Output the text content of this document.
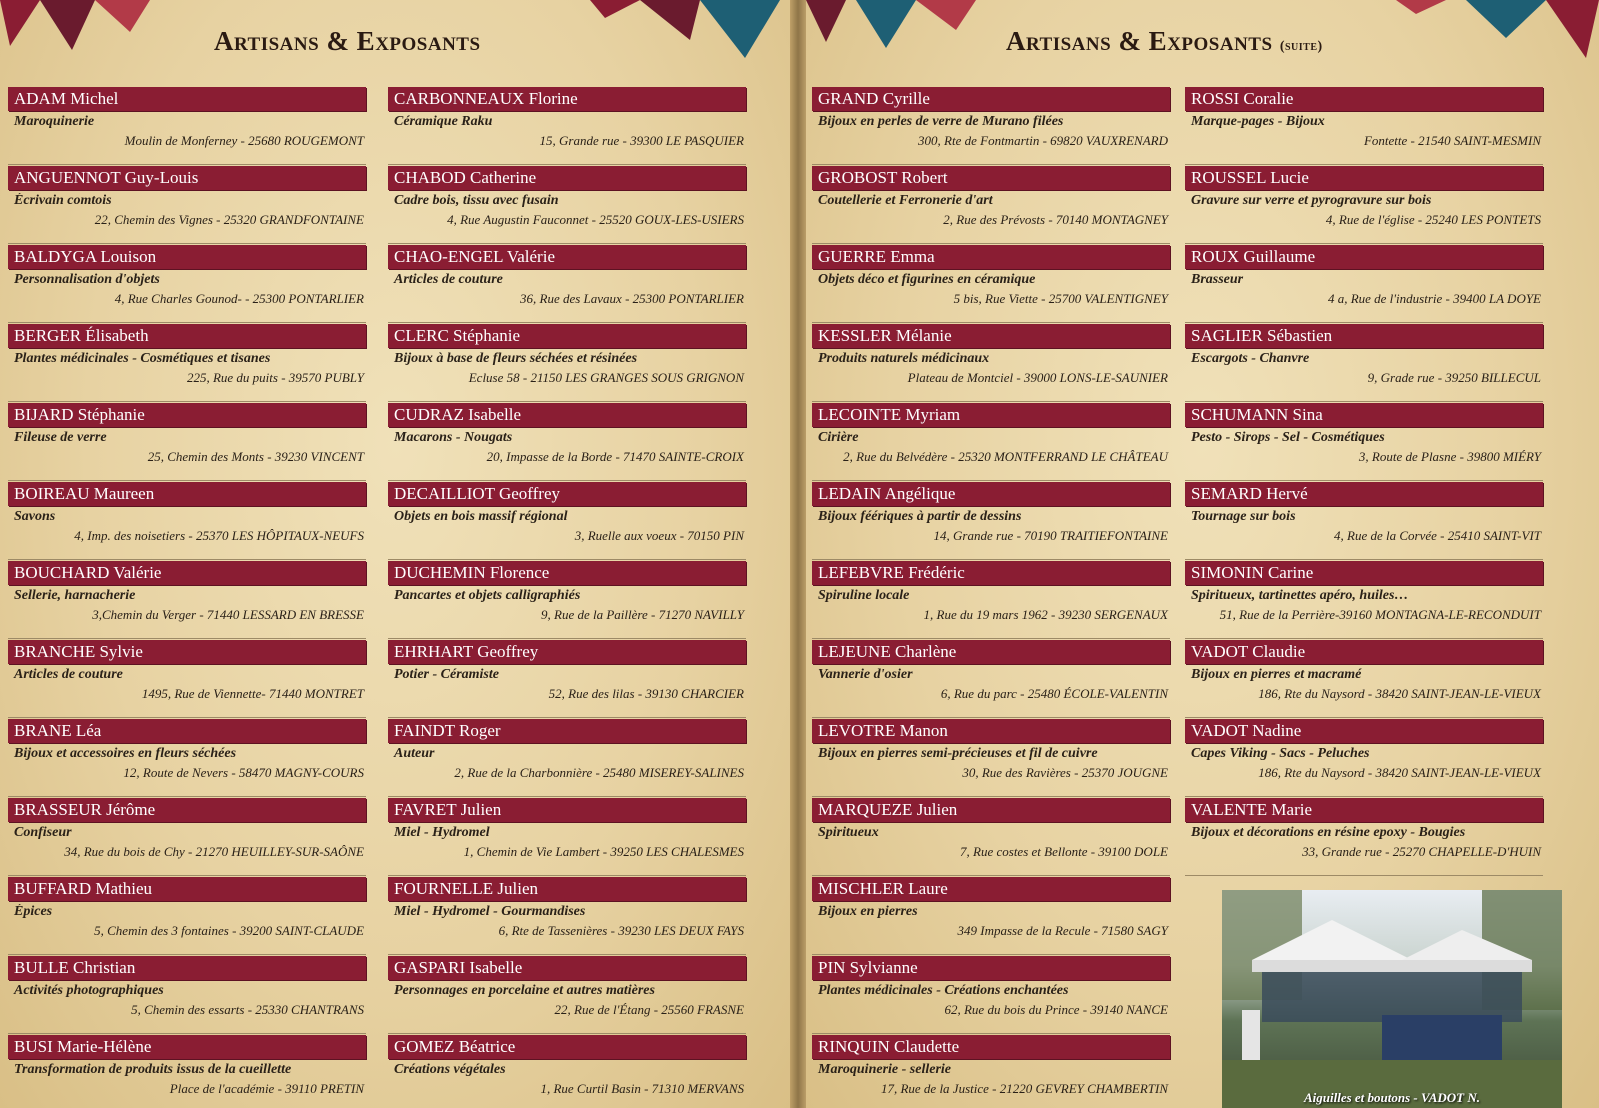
Artisans & Exposants
ADAM Michel
Maroquinerie
Moulin de Monferney - 25680 ROUGEMONT
ANGUENNOT Guy-Louis
Écrivain comtois
22, Chemin des Vignes - 25320 GRANDFONTAINE
BALDYGA Louison
Personnalisation d'objets
4, Rue Charles Gounod- - 25300 PONTARLIER
BERGER Élisabeth
Plantes médicinales - Cosmétiques et tisanes
225, Rue du puits - 39570 PUBLY
BIJARD Stéphanie
Fileuse de verre
25, Chemin des Monts - 39230 VINCENT
BOIREAU Maureen
Savons
4, Imp. des noisetiers - 25370 LES HÔPITAUX-NEUFS
BOUCHARD Valérie
Sellerie, harnacherie
3,Chemin du Verger - 71440 LESSARD EN BRESSE
BRANCHE Sylvie
Articles de couture
1495, Rue de Viennette- 71440 MONTRET
BRANE Léa
Bijoux et accessoires en fleurs séchées
12, Route de Nevers - 58470 MAGNY-COURS
BRASSEUR Jérôme
Confiseur
34, Rue du bois de Chy - 21270 HEUILLEY-SUR-SAÔNE
BUFFARD Mathieu
Épices
5, Chemin des 3 fontaines - 39200 SAINT-CLAUDE
BULLE Christian
Activités photographiques
5, Chemin des essarts - 25330 CHANTRANS
BUSI Marie-Hélène
Transformation de produits issus de la cueillette
Place de l'académie - 39110 PRETIN
CARBONNEAUX Florine
Céramique Raku
15, Grande rue - 39300 LE PASQUIER
CHABOD Catherine
Cadre bois, tissu avec fusain
4, Rue Augustin Fauconnet - 25520 GOUX-LES-USIERS
CHAO-ENGEL Valérie
Articles de couture
36, Rue des Lavaux - 25300 PONTARLIER
CLERC Stéphanie
Bijoux à base de fleurs séchées et résinées
Ecluse 58 - 21150 LES GRANGES SOUS GRIGNON
CUDRAZ Isabelle
Macarons - Nougats
20, Impasse de la Borde - 71470 SAINTE-CROIX
DECAILLIOT Geoffrey
Objets en bois massif régional
3, Ruelle aux voeux - 70150 PIN
DUCHEMIN Florence
Pancartes et objets calligraphiés
9, Rue de la Paillère - 71270 NAVILLY
EHRHART Geoffrey
Potier - Céramiste
52, Rue des lilas - 39130 CHARCIER
FAINDT Roger
Auteur
2, Rue de la Charbonnière - 25480 MISEREY-SALINES
FAVRET Julien
Miel - Hydromel
1, Chemin de Vie Lambert - 39250 LES CHALESMES
FOURNELLE Julien
Miel - Hydromel - Gourmandises
6, Rte de Tassenières - 39230 LES DEUX FAYS
GASPARI Isabelle
Personnages en porcelaine et autres matières
22, Rue de l'Étang - 25560 FRASNE
GOMEZ Béatrice
Créations végétales
1, Rue Curtil Basin - 71310 MERVANS
Artisans & Exposants (suite)
GRAND Cyrille
Bijoux en perles de verre de Murano filées
300, Rte de Fontmartin - 69820 VAUXRENARD
GROBOST Robert
Coutellerie et Ferronerie d'art
2, Rue des Prévosts - 70140 MONTAGNEY
GUERRE Emma
Objets déco et figurines en céramique
5 bis, Rue Viette - 25700 VALENTIGNEY
KESSLER Mélanie
Produits naturels médicinaux
Plateau de Montciel - 39000 LONS-LE-SAUNIER
LECOINTE Myriam
Cirière
2, Rue du Belvédère - 25320 MONTFERRAND LE CHÂTEAU
LEDAIN Angélique
Bijoux féériques à partir de dessins
14, Grande rue - 70190 TRAITIEFONTAINE
LEFEBVRE Frédéric
Spiruline locale
1, Rue du 19 mars 1962 - 39230 SERGENAUX
LEJEUNE Charlène
Vannerie d'osier
6, Rue du parc - 25480 ÉCOLE-VALENTIN
LEVOTRE Manon
Bijoux en pierres semi-précieuses et fil de cuivre
30, Rue des Ravières - 25370 JOUGNE
MARQUEZE Julien
Spiritueux
7, Rue costes et Bellonte - 39100 DOLE
MISCHLER Laure
Bijoux en pierres
349 Impasse de la Recule - 71580 SAGY
PIN Sylvianne
Plantes médicinales - Créations enchantées
62, Rue du bois du Prince - 39140 NANCE
RINQUIN Claudette
Maroquinerie - sellerie
17, Rue de la Justice - 21220 GEVREY CHAMBERTIN
ROSSI Coralie
Marque-pages - Bijoux
Fontette - 21540 SAINT-MESMIN
ROUSSEL Lucie
Gravure sur verre et pyrogravure sur bois
4, Rue de l'église - 25240 LES PONTETS
ROUX Guillaume
Brasseur
4 a, Rue de l'industrie - 39400 LA DOYE
SAGLIER Sébastien
Escargots - Chanvre
9, Grade rue - 39250 BILLECUL
SCHUMANN Sina
Pesto - Sirops - Sel - Cosmétiques
3, Route de Plasne - 39800 MIÉRY
SEMARD Hervé
Tournage sur bois
4, Rue de la Corvée - 25410 SAINT-VIT
SIMONIN Carine
Spiritueux, tartinettes apéro, huiles…
51, Rue de la Perrière-39160 MONTAGNA-LE-RECONDUIT
VADOT Claudie
Bijoux en pierres et macramé
186, Rte du Naysord - 38420 SAINT-JEAN-LE-VIEUX
VADOT Nadine
Capes Viking - Sacs - Peluches
186, Rte du Naysord - 38420 SAINT-JEAN-LE-VIEUX
VALENTE Marie
Bijoux et décorations en résine epoxy - Bougies
33, Grande rue - 25270 CHAPELLE-D'HUIN
Aiguilles et boutons - VADOT N.
